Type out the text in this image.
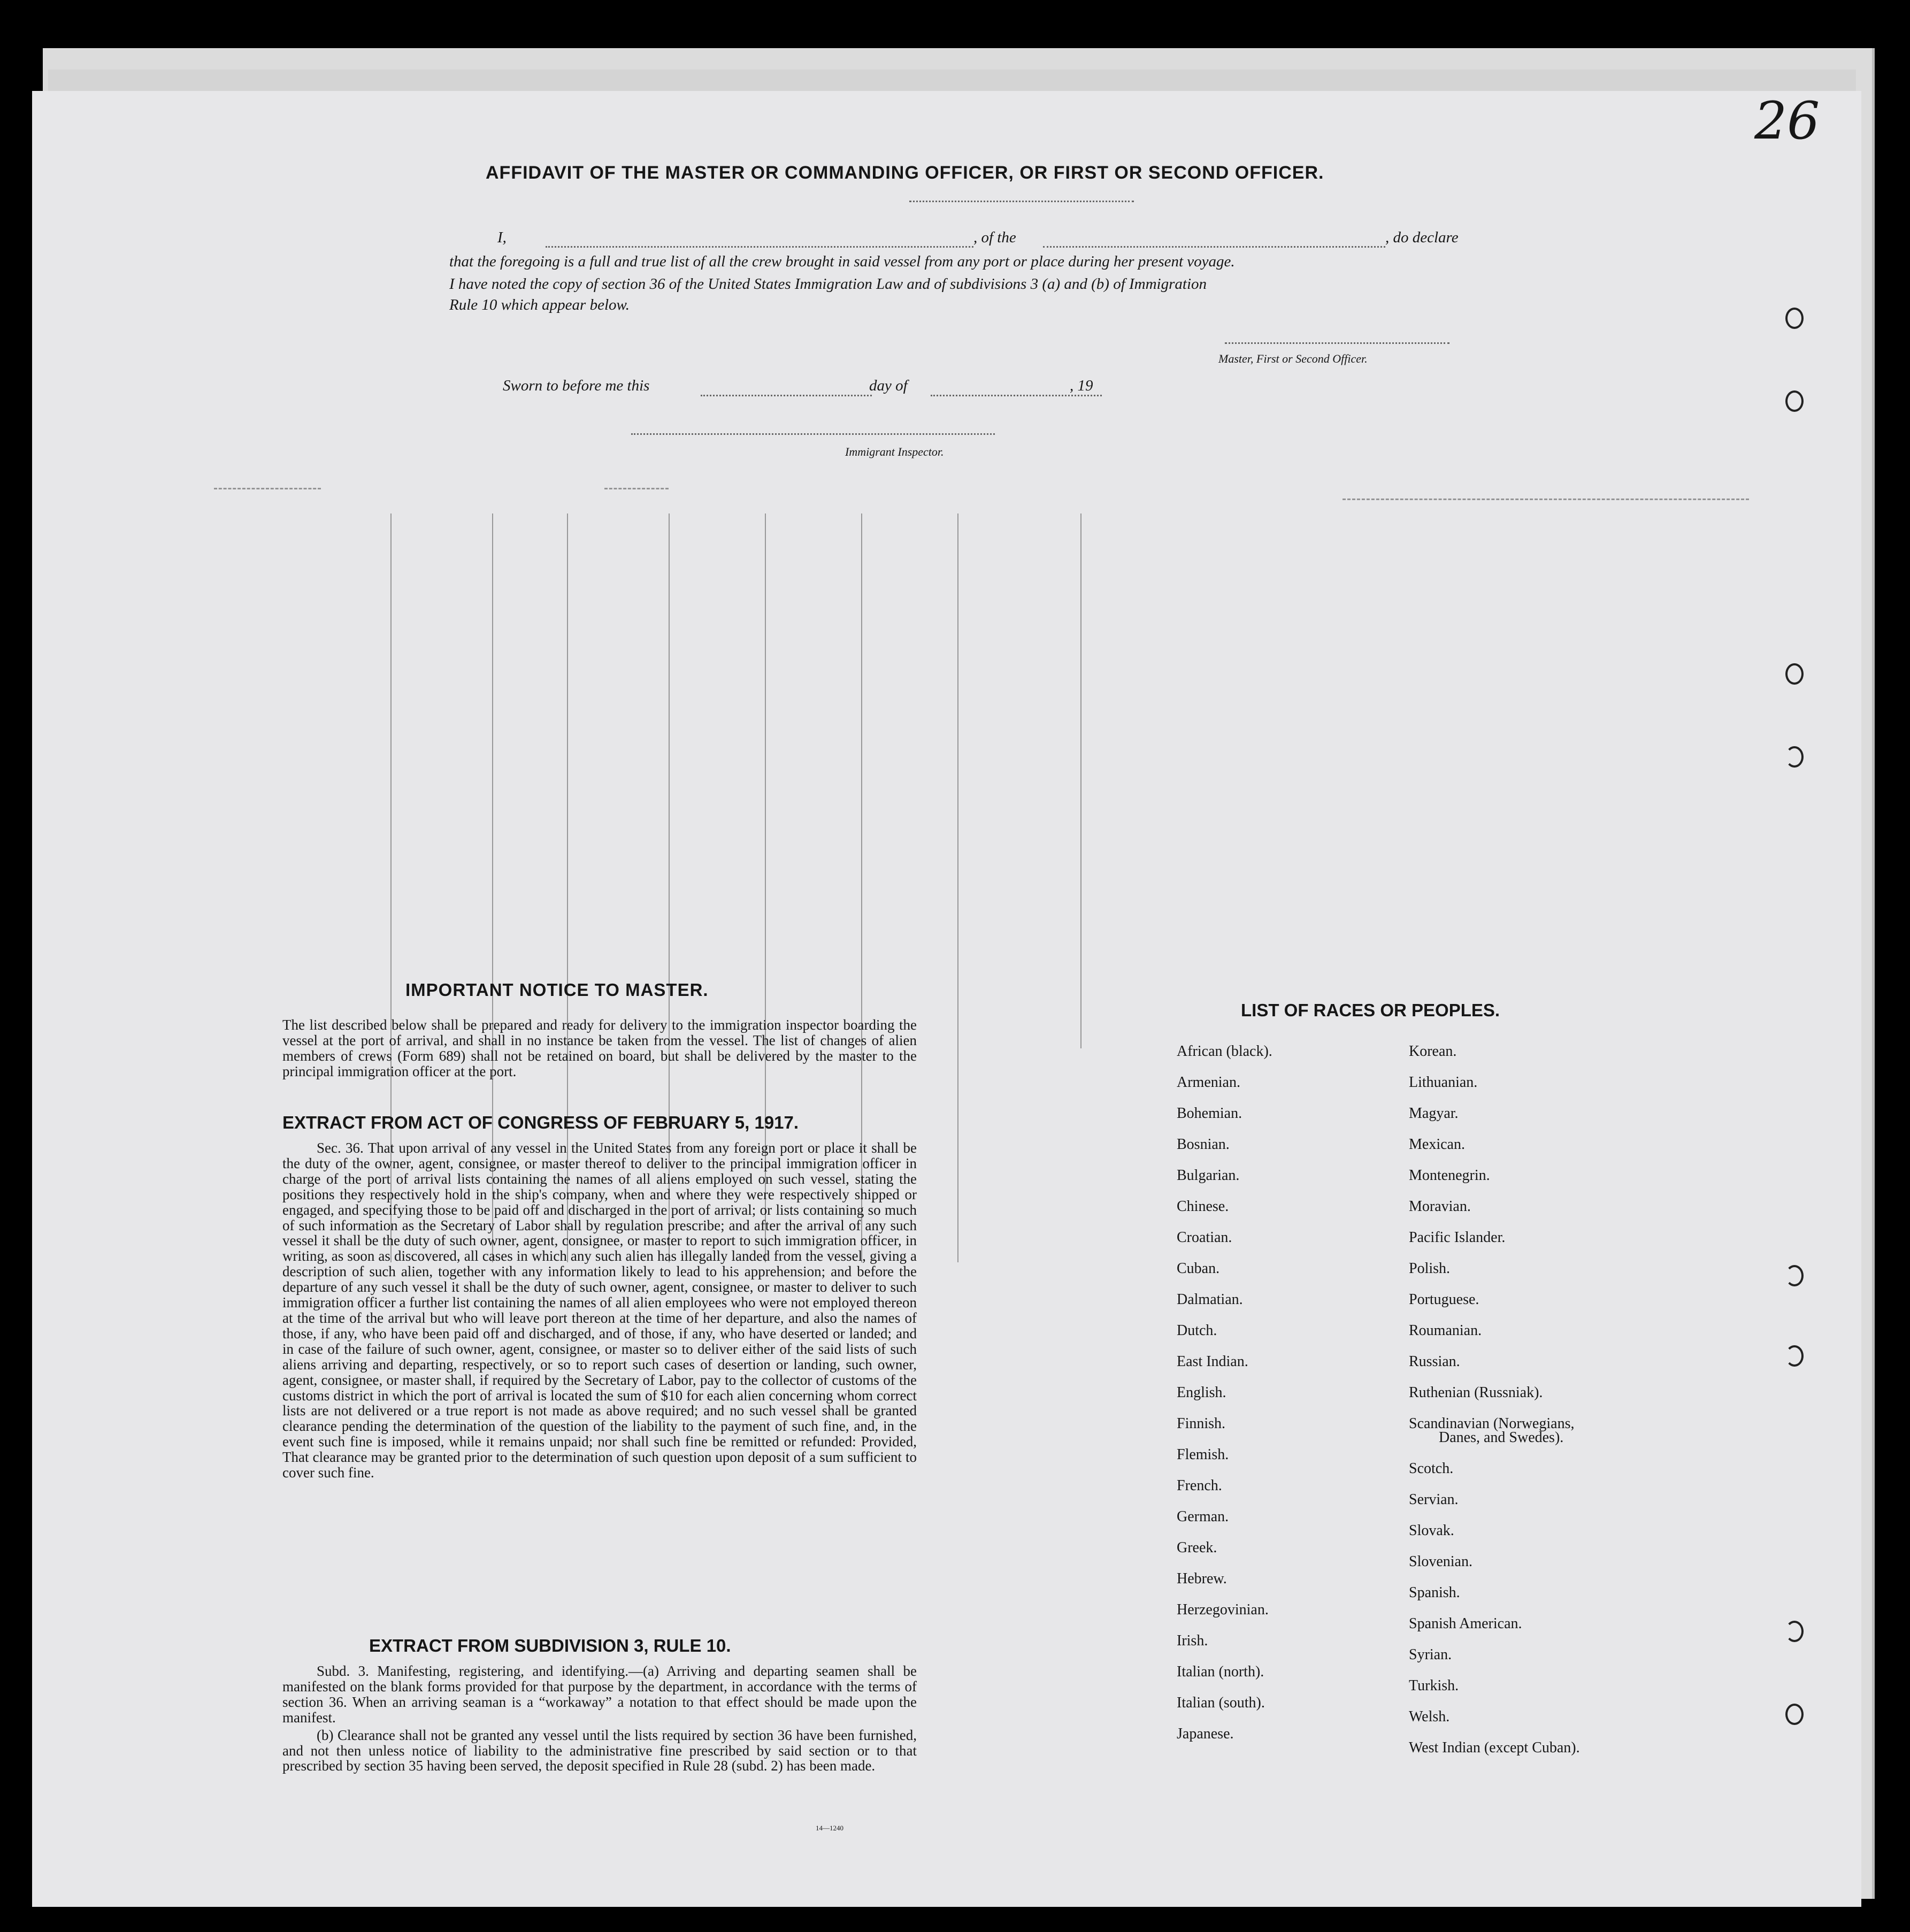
26
AFFIDAVIT OF THE MASTER OR COMMANDING OFFICER, OR FIRST OR SECOND OFFICER.
I,	, of the	, do declare
that the foregoing is a full and true list of all the crew brought in said vessel from any port or place during her present voyage.
I have noted the copy of section 36 of the United States Immigration Law and of subdivisions 3 (a) and (b) of Immigration
Rule 10 which appear below.
Master, First or Second Officer.
Sworn to before me this	day of	, 19
Immigrant Inspector.
IMPORTANT NOTICE TO MASTER.

The list described below shall be prepared and ready for delivery to the immigration inspector boarding the vessel at the port of arrival, and shall in no instance be taken from the vessel. The list of changes of alien members of crews (Form 689) shall not be retained on board, but shall be delivered by the master to the principal immigration officer at the port.

EXTRACT FROM ACT OF CONGRESS OF FEBRUARY 5, 1917.

Sec. 36. That upon arrival of any vessel in the United States from any foreign port or place it shall be the duty of the owner, agent, consignee, or master thereof to deliver to the principal immigration officer in charge of the port of arrival lists containing the names of all aliens employed on such vessel, stating the positions they respectively hold in the ship's company, when and where they were respectively shipped or engaged, and specifying those to be paid off and discharged in the port of arrival; or lists containing so much of such information as the Secretary of Labor shall by regulation prescribe; and after the arrival of any such vessel it shall be the duty of such owner, agent, consignee, or master to report to such immigration officer, in writing, as soon as discovered, all cases in which any such alien has illegally landed from the vessel, giving a description of such alien, together with any information likely to lead to his apprehension; and before the departure of any such vessel it shall be the duty of such owner, agent, consignee, or master to deliver to such immigration officer a further list containing the names of all alien employees who were not employed thereon at the time of the arrival but who will leave port thereon at the time of her departure, and also the names of those, if any, who have been paid off and discharged, and of those, if any, who have deserted or landed; and in case of the failure of such owner, agent, consignee, or master so to deliver either of the said lists of such aliens arriving and departing, respectively, or so to report such cases of desertion or landing, such owner, agent, consignee, or master shall, if required by the Secretary of Labor, pay to the collector of customs of the customs district in which the port of arrival is located the sum of $10 for each alien concerning whom correct lists are not delivered or a true report is not made as above required; and no such vessel shall be granted clearance pending the determination of the question of the liability to the payment of such fine, and, in the event such fine is imposed, while it remains unpaid; nor shall such fine be remitted or refunded: Provided, That clearance may be granted prior to the determination of such question upon deposit of a sum sufficient to cover such fine.

EXTRACT FROM SUBDIVISION 3, RULE 10.

Subd. 3. Manifesting, registering, and identifying.—(a) Arriving and departing seamen shall be manifested on the blank forms provided for that purpose by the department, in accordance with the terms of section 36. When an arriving seaman is a “workaway” a notation to that effect should be made upon the manifest.

(b) Clearance shall not be granted any vessel until the lists required by section 36 have been furnished, and not then unless notice of liability to the administrative fine prescribed by said section or to that prescribed by section 35 having been served, the deposit specified in Rule 28 (subd. 2) has been made.

14—1240
LIST OF RACES OR PEOPLES.
African (black).
Armenian.
Bohemian.
Bosnian.
Bulgarian.
Chinese.
Croatian.
Cuban.
Dalmatian.
Dutch.
East Indian.
English.
Finnish.
Flemish.
French.
German.
Greek.
Hebrew.
Herzegovinian.
Irish.
Italian (north).
Italian (south).
Japanese.
Korean.
Lithuanian.
Magyar.
Mexican.
Montenegrin.
Moravian.
Pacific Islander.
Polish.
Portuguese.
Roumanian.
Russian.
Ruthenian (Russniak).
Scandinavian (Norwegians,
Danes, and Swedes).
Scotch.
Servian.
Slovak.
Slovenian.
Spanish.
Spanish American.
Syrian.
Turkish.
Welsh.
West Indian (except Cuban).
